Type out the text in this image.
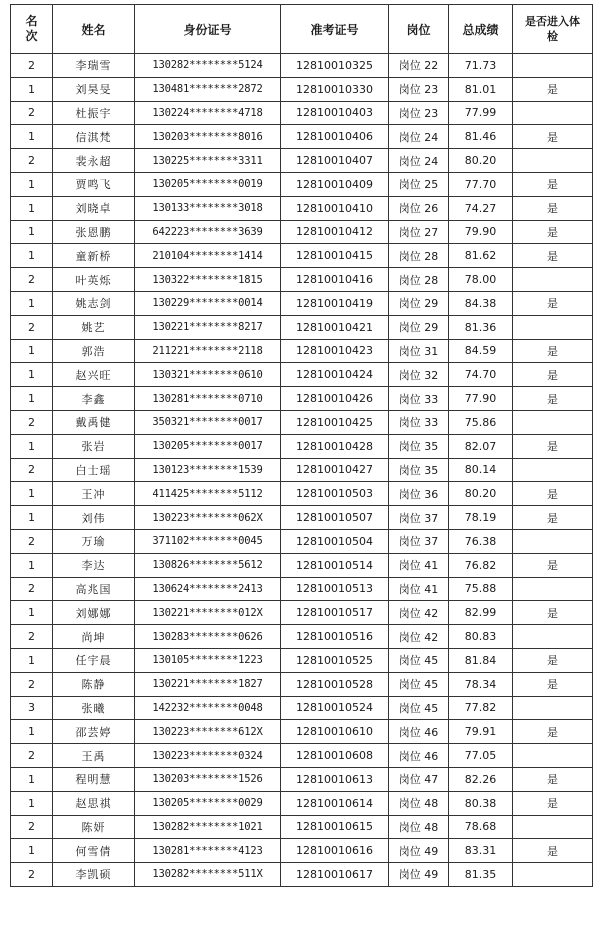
名次	姓名	身份证号	准考证号	岗位	总成绩	是否进入体检

2	李瑞雪	130282********5124	12810010325	岗位 22	71.73	
1	刘昊旻	130481********2872	12810010330	岗位 23	81.01	是
2	杜振宇	130224********4718	12810010403	岗位 23	77.99	
1	信淇梵	130203********8016	12810010406	岗位 24	81.46	是
2	裴永超	130225********3311	12810010407	岗位 24	80.20	
1	贾鸣飞	130205********0019	12810010409	岗位 25	77.70	是
1	刘晓卓	130133********3018	12810010410	岗位 26	74.27	是
1	张恩鹏	642223********3639	12810010412	岗位 27	79.90	是
1	童新桥	210104********1414	12810010415	岗位 28	81.62	是
2	叶英烁	130322********1815	12810010416	岗位 28	78.00	
1	姚志剑	130229********0014	12810010419	岗位 29	84.38	是
2	姚艺	130221********8217	12810010421	岗位 29	81.36	
1	郭浩	211221********2118	12810010423	岗位 31	84.59	是
1	赵兴旺	130321********0610	12810010424	岗位 32	74.70	是
1	李鑫	130281********0710	12810010426	岗位 33	77.90	是
2	戴禹健	350321********0017	12810010425	岗位 33	75.86	
1	张岩	130205********0017	12810010428	岗位 35	82.07	是
2	白士瑶	130123********1539	12810010427	岗位 35	80.14	
1	王冲	411425********5112	12810010503	岗位 36	80.20	是
1	刘伟	130223********062X	12810010507	岗位 37	78.19	是
2	万瑜	371102********0045	12810010504	岗位 37	76.38	
1	李达	130826********5612	12810010514	岗位 41	76.82	是
2	高兆国	130624********2413	12810010513	岗位 41	75.88	
1	刘娜娜	130221********012X	12810010517	岗位 42	82.99	是
2	尚坤	130283********0626	12810010516	岗位 42	80.83	
1	任宇晨	130105********1223	12810010525	岗位 45	81.84	是
2	陈静	130221********1827	12810010528	岗位 45	78.34	是
3	张曦	142232********0048	12810010524	岗位 45	77.82	
1	邵芸婷	130223********612X	12810010610	岗位 46	79.91	是
2	王禹	130223********0324	12810010608	岗位 46	77.05	
1	程明慧	130203********1526	12810010613	岗位 47	82.26	是
1	赵思祺	130205********0029	12810010614	岗位 48	80.38	是
2	陈妍	130282********1021	12810010615	岗位 48	78.68	
1	何雪倩	130281********4123	12810010616	岗位 49	83.31	是
2	李凯硕	130282********511X	12810010617	岗位 49	81.35	
